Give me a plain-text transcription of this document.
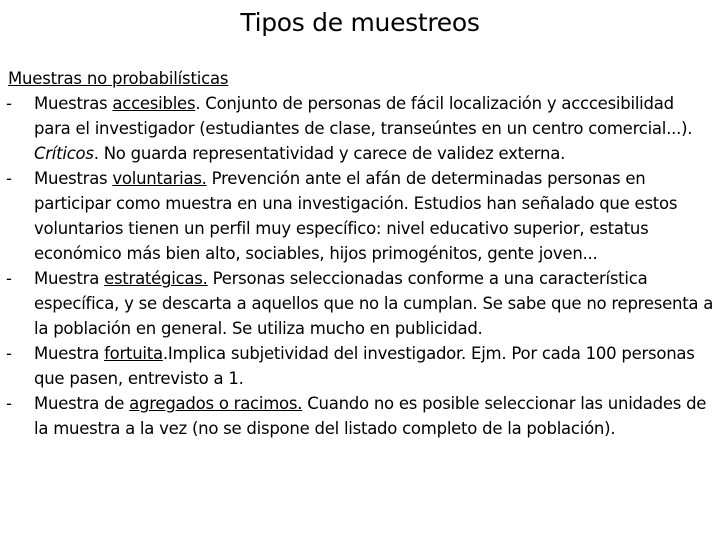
Tipos de muestreos
Muestras no probabilísticas
- Muestras accesibles. Conjunto de personas de fácil localización y acccesibilidad para el investigador (estudiantes de clase, transeúntes en un centro comercial...). Críticos. No guarda representatividad y carece de validez externa.
- Muestras voluntarias. Prevención ante el afán de determinadas personas en participar como muestra en una investigación. Estudios han señalado que estos voluntarios tienen un perfil muy específico: nivel educativo superior, estatus económico más bien alto, sociables, hijos primogénitos, gente joven...
- Muestra estratégicas. Personas seleccionadas conforme a una característica específica, y se descarta a aquellos que no la cumplan. Se sabe que no representa a la población en general. Se utiliza mucho en publicidad.
- Muestra fortuita.Implica subjetividad del investigador. Ejm. Por cada 100 personas que pasen, entrevisto a 1.
- Muestra de agregados o racimos. Cuando no es posible seleccionar las unidades de la muestra a la vez (no se dispone del listado completo de la población).
